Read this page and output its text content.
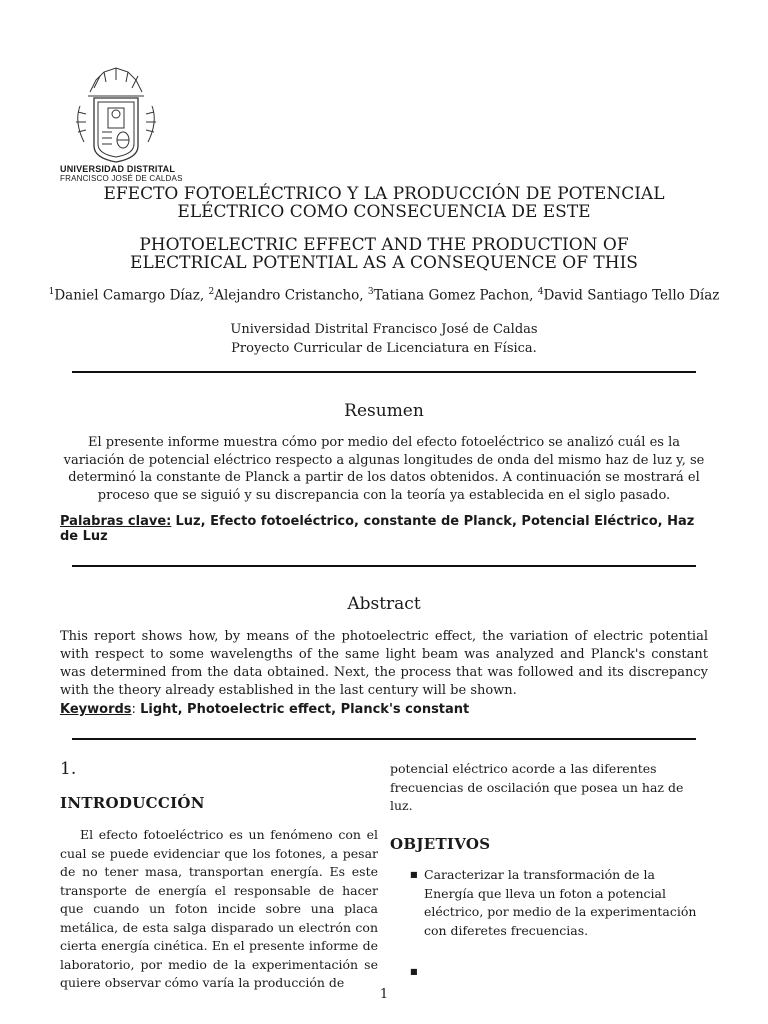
UNIVERSIDAD DISTRITAL
FRANCISCO JOSÉ DE CALDAS
EFECTO FOTOELÉCTRICO Y LA PRODUCCIÓN DE POTENCIAL
ELÉCTRICO COMO CONSECUENCIA DE ESTE
PHOTOELECTRIC EFFECT AND THE PRODUCTION OF
ELECTRICAL POTENTIAL AS A CONSEQUENCE OF THIS
$^1$Daniel Camargo Díaz, $^2$Alejandro Cristancho, $^3$Tatiana Gomez Pachon, $^4$David Santiago Tello Díaz
Universidad Distrital Francisco José de Caldas
Proyecto Curricular de Licenciatura en Física.
Resumen
El presente informe muestra cómo por medio del efecto fotoeléctrico se analizó cuál es la variación de potencial eléctrico respecto a algunas longitudes de onda del mismo haz de luz y, se determinó la constante de Planck a partir de los datos obtenidos. A continuación se mostrará el proceso que se siguió y su discrepancia con la teoría ya establecida en el siglo pasado.
Palabras clave: Luz, Efecto fotoeléctrico, constante de Planck, Potencial Eléctrico, Haz de Luz
Abstract
This report shows how, by means of the photoelectric effect, the variation of electric potential with respect to some wavelengths of the same light beam was analyzed and Planck's constant was determined from the data obtained. Next, the process that was followed and its discrepancy with the theory already established in the last century will be shown.
Keywords: Light, Photoelectric effect, Planck's constant
1.
INTRODUCCIÓN

El efecto fotoeléctrico es un fenómeno con el cual se puede evidenciar que los fotones, a pesar de no tener masa, transportan energía. Es este transporte de energía el responsable de hacer que cuando un foton incide sobre una placa metálica, de esta salga disparado un electrón con cierta energía cinética. En el presente informe de laboratorio, por medio de la experimentación se quiere observar cómo varía la producción de

potencial eléctrico acorde a las diferentes frecuencias de oscilación que posea un haz de luz.
OBJETIVOS
■ Caracterizar la transformación de la Energía que lleva un foton a potencial eléctrico, por medio de la experimentación con diferetes frecuencias.
■
1
